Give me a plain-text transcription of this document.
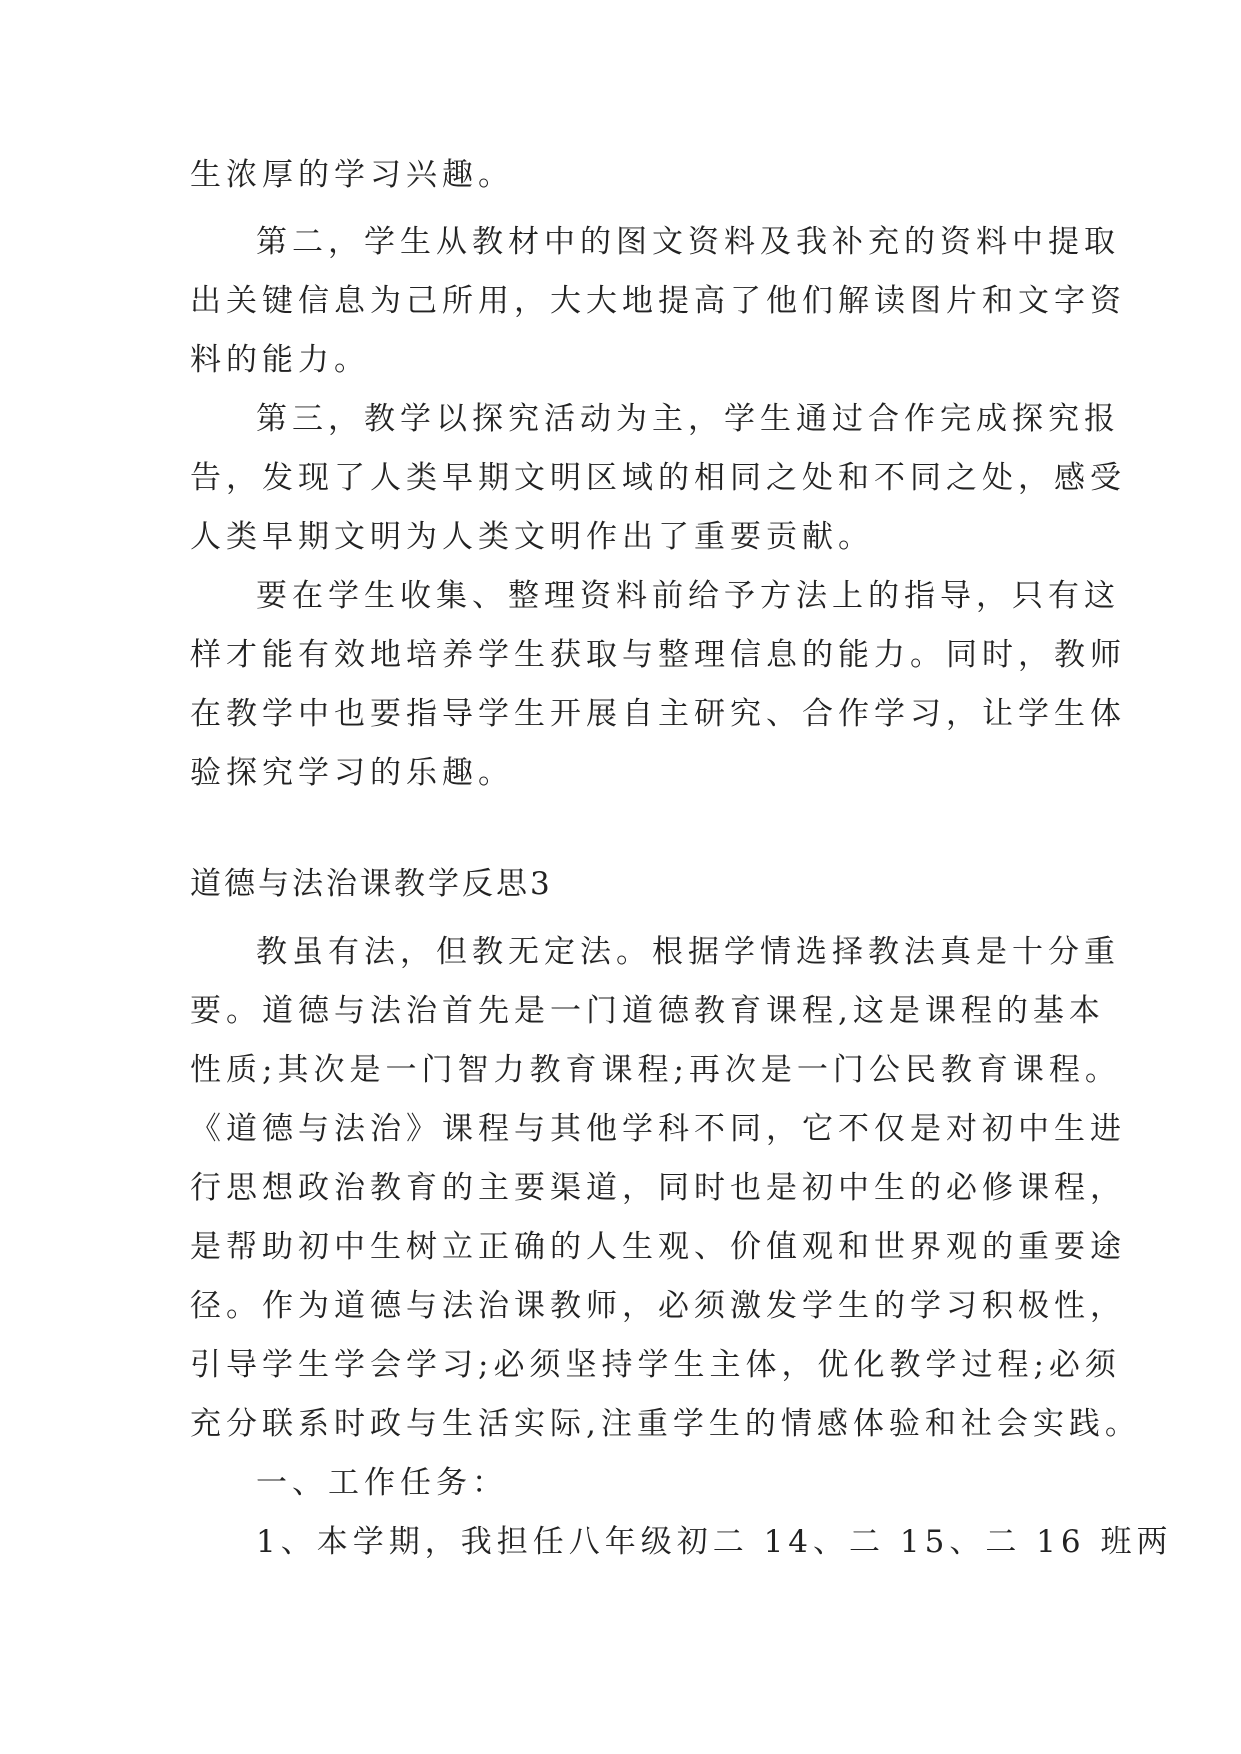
生浓厚的学习兴趣。

第二，学生从教材中的图文资料及我补充的资料中提取

出关键信息为己所用，大大地提高了他们解读图片和文字资

料的能力。

第三，教学以探究活动为主，学生通过合作完成探究报

告，发现了人类早期文明区域的相同之处和不同之处，感受

人类早期文明为人类文明作出了重要贡献。

要在学生收集、整理资料前给予方法上的指导，只有这

样才能有效地培养学生获取与整理信息的能力。同时，教师

在教学中也要指导学生开展自主研究、合作学习，让学生体

验探究学习的乐趣。

道德与法治课教学反思3

教虽有法，但教无定法。根据学情选择教法真是十分重

要。道德与法治首先是一门道德教育课程,这是课程的基本

性质;其次是一门智力教育课程;再次是一门公民教育课程。

《道德与法治》课程与其他学科不同，它不仅是对初中生进

行思想政治教育的主要渠道，同时也是初中生的必修课程，

是帮助初中生树立正确的人生观、价值观和世界观的重要途

径。作为道德与法治课教师，必须激发学生的学习积极性，

引导学生学会学习;必须坚持学生主体，优化教学过程;必须

充分联系时政与生活实际,注重学生的情感体验和社会实践。

一、工作任务：

1、本学期，我担任八年级初二 14、二 15、二 16 班两
